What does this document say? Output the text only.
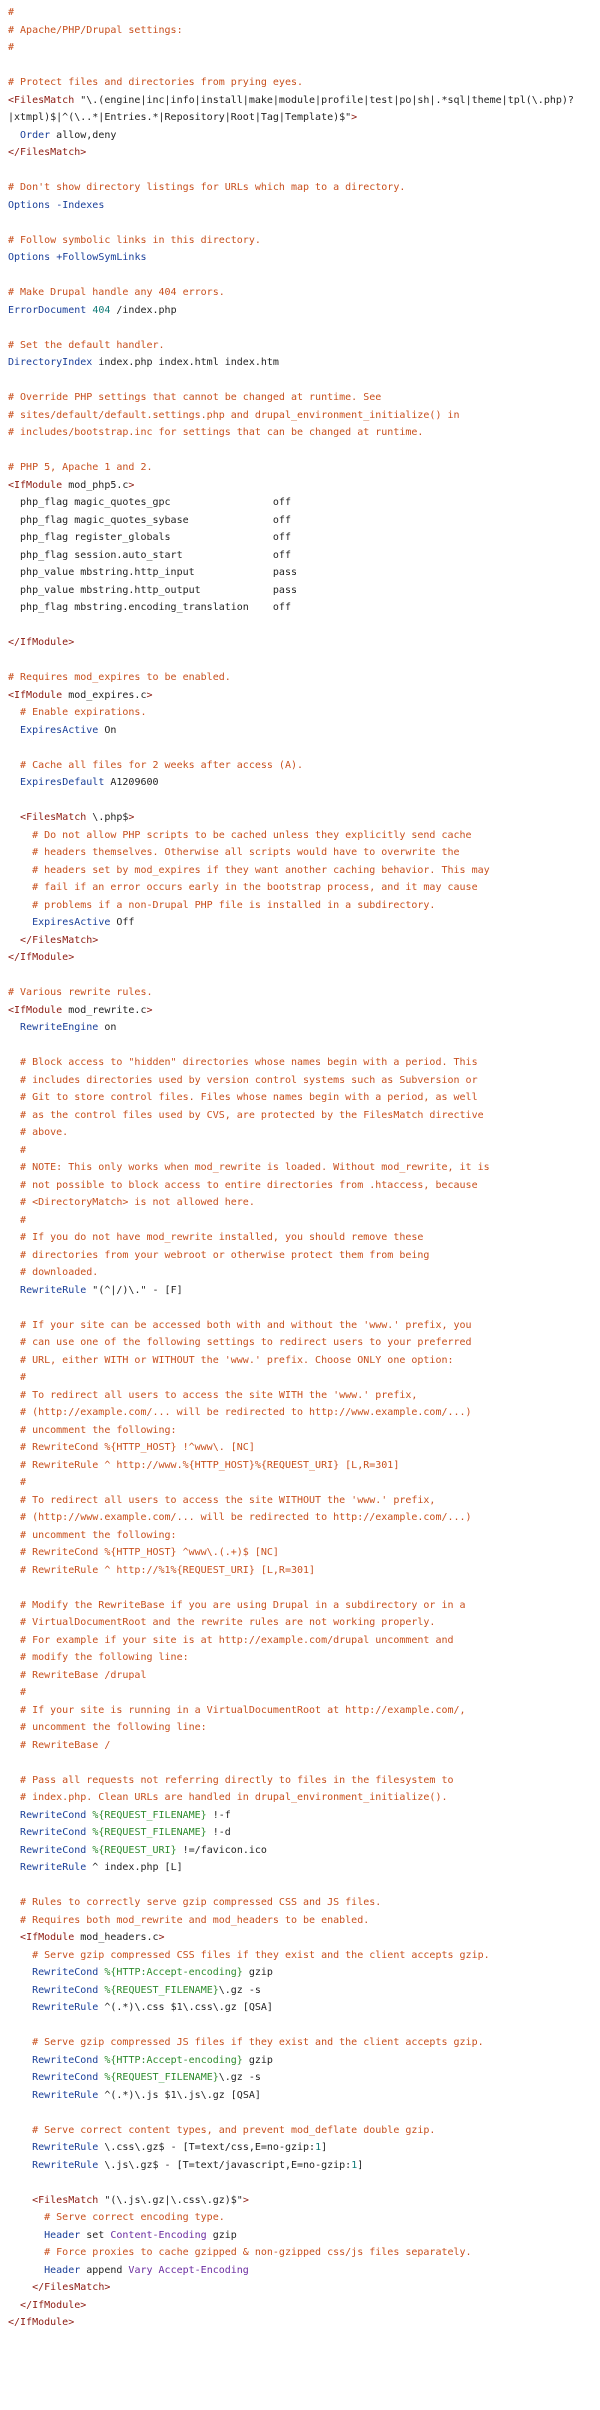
#
# Apache/PHP/Drupal settings:
#
# Protect files and directories from prying eyes.
<FilesMatch "\.(engine|inc|info|install|make|module|profile|test|po|sh|.*sql|theme|tpl(\.php)?
|xtmpl)$|^(\..*|Entries.*|Repository|Root|Tag|Template)$">
Order allow,deny
</FilesMatch>
# Don't show directory listings for URLs which map to a directory.
Options -Indexes
# Follow symbolic links in this directory.
Options +FollowSymLinks
# Make Drupal handle any 404 errors.
ErrorDocument 404 /index.php
# Set the default handler.
DirectoryIndex index.php index.html index.htm
# Override PHP settings that cannot be changed at runtime. See
# sites/default/default.settings.php and drupal_environment_initialize() in
# includes/bootstrap.inc for settings that can be changed at runtime.
# PHP 5, Apache 1 and 2.
<IfModule mod_php5.c>
php_flag magic_quotes_gpc                 off
php_flag magic_quotes_sybase              off
php_flag register_globals                 off
php_flag session.auto_start               off
php_value mbstring.http_input             pass
php_value mbstring.http_output            pass
php_flag mbstring.encoding_translation    off
</IfModule>
# Requires mod_expires to be enabled.
<IfModule mod_expires.c>
# Enable expirations.
ExpiresActive On
# Cache all files for 2 weeks after access (A).
ExpiresDefault A1209600
<FilesMatch \.php$>
# Do not allow PHP scripts to be cached unless they explicitly send cache
# headers themselves. Otherwise all scripts would have to overwrite the
# headers set by mod_expires if they want another caching behavior. This may
# fail if an error occurs early in the bootstrap process, and it may cause
# problems if a non-Drupal PHP file is installed in a subdirectory.
ExpiresActive Off
</FilesMatch>
</IfModule>
# Various rewrite rules.
<IfModule mod_rewrite.c>
RewriteEngine on
# Block access to "hidden" directories whose names begin with a period. This
# includes directories used by version control systems such as Subversion or
# Git to store control files. Files whose names begin with a period, as well
# as the control files used by CVS, are protected by the FilesMatch directive
# above.
#
# NOTE: This only works when mod_rewrite is loaded. Without mod_rewrite, it is
# not possible to block access to entire directories from .htaccess, because
# <DirectoryMatch> is not allowed here.
#
# If you do not have mod_rewrite installed, you should remove these
# directories from your webroot or otherwise protect them from being
# downloaded.
RewriteRule "(^|/)\." - [F]
# If your site can be accessed both with and without the 'www.' prefix, you
# can use one of the following settings to redirect users to your preferred
# URL, either WITH or WITHOUT the 'www.' prefix. Choose ONLY one option:
#
# To redirect all users to access the site WITH the 'www.' prefix,
# (http://example.com/... will be redirected to http://www.example.com/...)
# uncomment the following:
# RewriteCond %{HTTP_HOST} !^www\. [NC]
# RewriteRule ^ http://www.%{HTTP_HOST}%{REQUEST_URI} [L,R=301]
#
# To redirect all users to access the site WITHOUT the 'www.' prefix,
# (http://www.example.com/... will be redirected to http://example.com/...)
# uncomment the following:
# RewriteCond %{HTTP_HOST} ^www\.(.+)$ [NC]
# RewriteRule ^ http://%1%{REQUEST_URI} [L,R=301]
# Modify the RewriteBase if you are using Drupal in a subdirectory or in a
# VirtualDocumentRoot and the rewrite rules are not working properly.
# For example if your site is at http://example.com/drupal uncomment and
# modify the following line:
# RewriteBase /drupal
#
# If your site is running in a VirtualDocumentRoot at http://example.com/,
# uncomment the following line:
# RewriteBase /
# Pass all requests not referring directly to files in the filesystem to
# index.php. Clean URLs are handled in drupal_environment_initialize().
RewriteCond %{REQUEST_FILENAME} !-f
RewriteCond %{REQUEST_FILENAME} !-d
RewriteCond %{REQUEST_URI} !=/favicon.ico
RewriteRule ^ index.php [L]
# Rules to correctly serve gzip compressed CSS and JS files.
# Requires both mod_rewrite and mod_headers to be enabled.
<IfModule mod_headers.c>
# Serve gzip compressed CSS files if they exist and the client accepts gzip.
RewriteCond %{HTTP:Accept-encoding} gzip
RewriteCond %{REQUEST_FILENAME}\.gz -s
RewriteRule ^(.*)\.css $1\.css\.gz [QSA]
# Serve gzip compressed JS files if they exist and the client accepts gzip.
RewriteCond %{HTTP:Accept-encoding} gzip
RewriteCond %{REQUEST_FILENAME}\.gz -s
RewriteRule ^(.*)\.js $1\.js\.gz [QSA]
# Serve correct content types, and prevent mod_deflate double gzip.
RewriteRule \.css\.gz$ - [T=text/css,E=no-gzip:1]
RewriteRule \.js\.gz$ - [T=text/javascript,E=no-gzip:1]
<FilesMatch "(\.js\.gz|\.css\.gz)$">
# Serve correct encoding type.
Header set Content-Encoding gzip
# Force proxies to cache gzipped & non-gzipped css/js files separately.
Header append Vary Accept-Encoding
</FilesMatch>
</IfModule>
</IfModule>
